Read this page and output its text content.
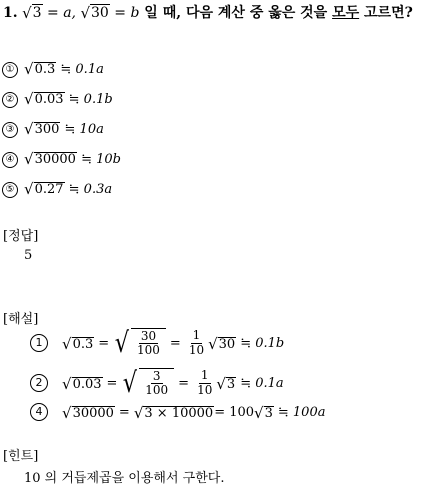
1. √3 = a, √30 = b 일 때, 다음 계산 중 옳은 것을 모두 고르면?
① √0.3 ≒ 0.1a
② √0.03 ≒ 0.1b
③ √300 ≒ 10a
④ √30000 ≒ 10b
⑤ √0.27 ≒ 0.3a
[정답]
5
[해설]
1	√0.3 = √ $\frac{30}{100} = \frac{1}{10} √30$ ≒ 0.1b
2	√0.03 = √ $\frac{3}{100} = \frac{1}{10} √3$ ≒ 0.1a
4	√30000 = √3 × 10000 = 100 √3 ≒ 100a
[힌트]
10 의 거듭제곱을 이용해서 구한다.
